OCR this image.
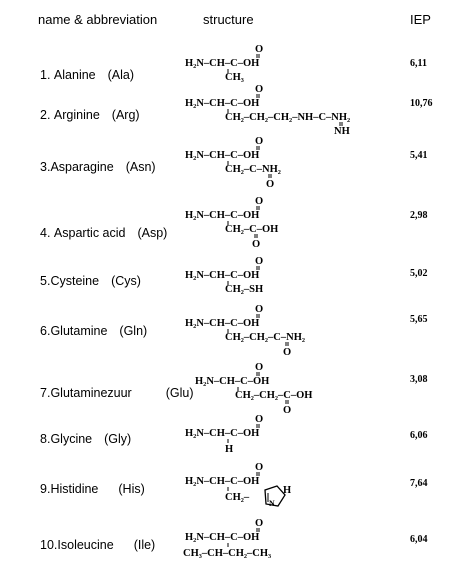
name & abbreviation	structure	IEP
1. Alanine (Ala)
O
H₂N–CH–C–OH
CH₃
6,11
2. Arginine (Arg)
O
H₂N–CH–C–OH
CH₂–CH₂–CH₂–NH–C–NH₂
NH
10,76
3.Asparagine (Asn)
O
H₂N–CH–C–OH
CH₂–C–NH₂
O
5,41
4. Aspartic acid (Asp)
O
H₂N–CH–C–OH
CH₂–C–OH
O
2,98
5.Cysteine (Cys)
O
H₂N–CH–C–OH
CH₂–SH
5,02
6.Glutamine (Gln)
O
H₂N–CH–C–OH
CH₂–CH₂–C–NH₂
O
5,65
7.Glutaminezuur	(Glu)
O
H₂N–CH–C–OH
CH₂–CH₂–C–OH
O
3,08
8.Glycine (Gly)
O
H₂N–CH–C–OH
H
6,06
9.Histidine (His)
O
H₂N–CH–C–OH
CH₂–
H
N
7,64
10.Isoleucine (Ile)
O
H₂N–CH–C–OH
CH₃–CH–CH₂–CH₃
6,04
